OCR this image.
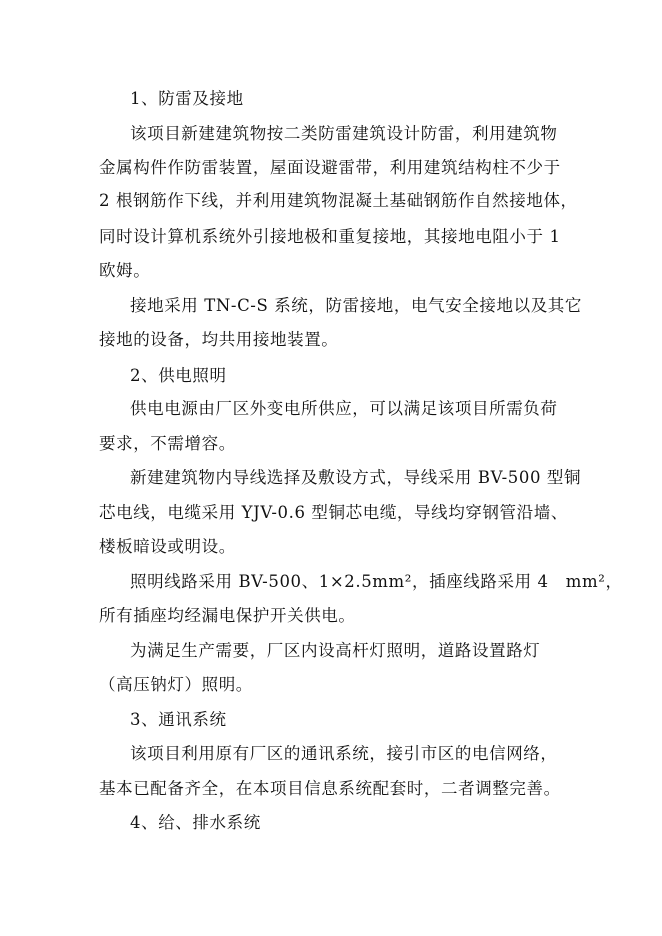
1、防雷及接地
该项目新建建筑物按二类防雷建筑设计防雷，利用建筑物
金属构件作防雷装置，屋面设避雷带，利用建筑结构柱不少于
2 根钢筋作下线，并利用建筑物混凝土基础钢筋作自然接地体，
同时设计算机系统外引接地极和重复接地，其接地电阻小于 1
欧姆。
接地采用 TN-C-S 系统，防雷接地，电气安全接地以及其它
接地的设备，均共用接地装置。
2、供电照明
供电电源由厂区外变电所供应，可以满足该项目所需负荷
要求，不需增容。
新建建筑物内导线选择及敷设方式，导线采用 BV-500 型铜
芯电线，电缆采用 YJV-0.6 型铜芯电缆，导线均穿钢管沿墙、
楼板暗设或明设。
照明线路采用 BV-500、1×2.5mm²，插座线路采用 4　mm²，
所有插座均经漏电保护开关供电。
为满足生产需要，厂区内设高杆灯照明，道路设置路灯
（高压钠灯）照明。
3、通讯系统
该项目利用原有厂区的通讯系统，接引市区的电信网络，
基本已配备齐全，在本项目信息系统配套时，二者调整完善。
4、给、排水系统
